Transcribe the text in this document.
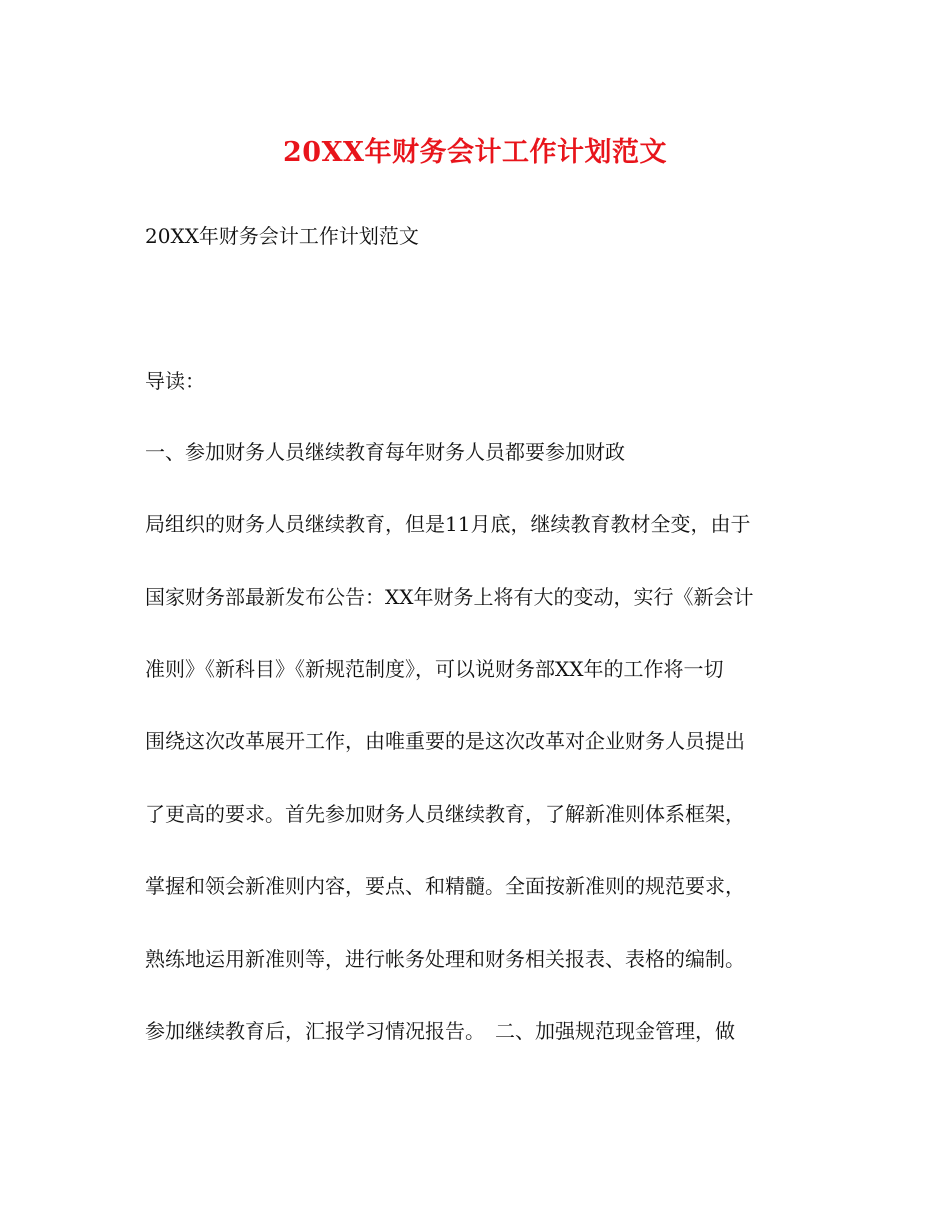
20XX年财务会计工作计划范文

20XX年财务会计工作计划范文

导读：

一、参加财务人员继续教育每年财务人员都要参加财政

局组织的财务人员继续教育，但是11月底，继续教育教材全变，由于

国家财务部最新发布公告：XX年财务上将有大的变动，实行《新会计

准则》《新科目》《新规范制度》，可以说财务部XX年的工作将一切

围绕这次改革展开工作，由唯重要的是这次改革对企业财务人员提出

了更高的要求。首先参加财务人员继续教育，了解新准则体系框架，

掌握和领会新准则内容，要点、和精髓。全面按新准则的规范要求，

熟练地运用新准则等，进行帐务处理和财务相关报表、表格的编制。

参加继续教育后，汇报学习情况报告。　二、加强规范现金管理，做
